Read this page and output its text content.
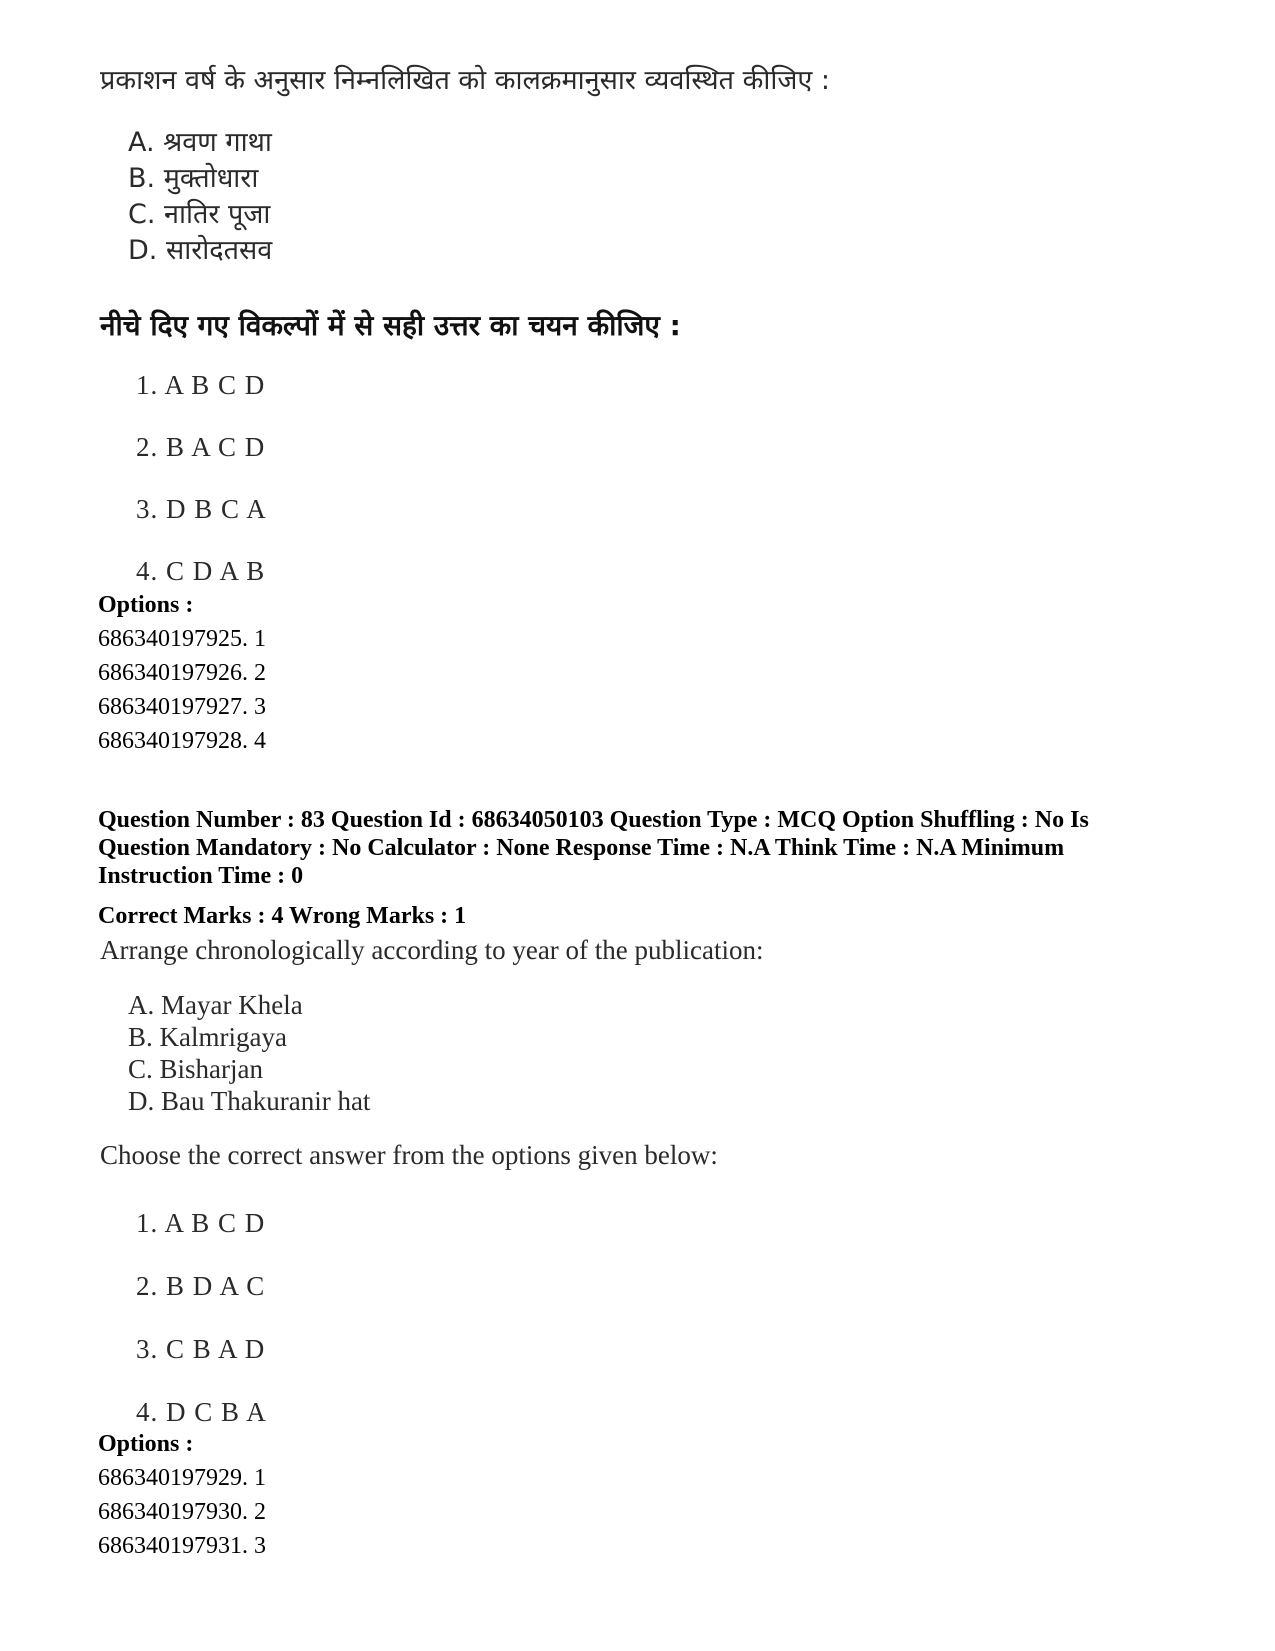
प्रकाशन वर्ष के अनुसार निम्नलिखित को कालक्रमानुसार व्यवस्थित कीजिए :
A. श्रवण गाथा
B. मुक्तोधारा
C. नातिर पूजा
D. सारोदतसव
नीचे दिए गए विकल्पों में से सही उत्तर का चयन कीजिए :
1. A B C D
2. B A C D
3. D B C A
4. C D A B
Options :
686340197925. 1
686340197926. 2
686340197927. 3
686340197928. 4
Question Number : 83 Question Id : 68634050103 Question Type : MCQ Option Shuffling : No Is Question Mandatory : No Calculator : None Response Time : N.A Think Time : N.A Minimum Instruction Time : 0
Correct Marks : 4 Wrong Marks : 1
Arrange chronologically according to year of the publication:
A. Mayar Khela
B. Kalmrigaya
C. Bisharjan
D. Bau Thakuranir hat
Choose the correct answer from the options given below:
1. A B C D
2. B D A C
3. C B A D
4. D C B A
Options :
686340197929. 1
686340197930. 2
686340197931. 3
